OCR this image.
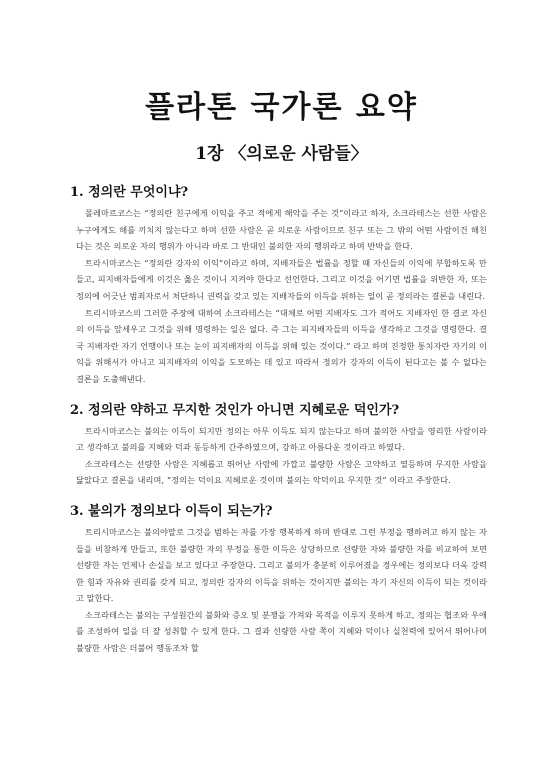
플라톤 국가론 요약
1장 〈의로운 사람들〉
1. 정의란 무엇이냐?

폴레마르코스는 “정의란 친구에게 이익을 주고 적에게 해악을 주는 것”이라고 하자, 소크라테스는 선한 사람은 누구에게도 해를 끼치지 않는다고 하며 선한 사람은 곧 의로운 사람이므로 친구 또는 그 밖의 어떤 사람이건 해친다는 것은 의로운 자의 행위가 아니라 바로 그 반대인 불의한 자의 행위라고 하며 반박을 한다.

트라시마코스는 “정의란 강자의 이익”이라고 하며, 지배자들은 법률을 정할 때 자신들의 이익에 부합하도록 만들고, 피지배자들에게 이것은 옳은 것이니 지켜야 한다고 선언한다. 그리고 이것을 어기면 법률을 위반한 자, 또는 정의에 어긋난 범죄자로서 처단하니 권력을 갖고 있는 지배자들의 이득을 위하는 일이 곧 정의라는 결론을 내린다.

트리시마코스의 그러한 주장에 대하여 소크라테스는 “대체로 어떤 지배자도 그가 적어도 지배자인 한 결코 자신의 이득을 앞세우고 그것을 위해 명령하는 일은 없다. 즉 그는 피지배자들의 이득을 생각하고 그것을 명령한다. 결국 지배자란 자기 언행이나 또는 눈이 피지배자의 이득을 위해 있는 것이다.” 라고 하며 진정한 통치자란 자기의 이익을 위해서가 아니고 피지배자의 이익을 도모하는 데 있고 따라서 정의가 강자의 이득이 된다고는 볼 수 없다는 결론을 도출해낸다.

2. 정의란 약하고 무지한 것인가 아니면 지혜로운 덕인가?

트라시마코스는 불의는 이득이 되지만 정의는 아무 이득도 되지 않는다고 하며 불의한 사람을 영리한 사람이라고 생각하고 불의를 지혜와 덕과 동등하게 간주하였으며, 강하고 아름다운 것이라고 하였다.

소크라테스는 선량한 사람은 지혜롭고 뛰어난 사람에 가깝고 불량한 사람은 고약하고 열등하며 무지한 사람을 닮았다고 결론을 내리며, “정의는 덕이요 지혜로운 것이며 불의는 악덕이요 무지한 것” 이라고 주장한다.

3. 불의가 정의보다 이득이 되는가?

트리시마코스는 불의야말로 그것을 범하는 자를 가장 행복하게 하며 반대로 그런 부정을 행하려고 하지 않는 자들을 비참하게 만들고, 또한 불량한 자의 부정을 통한 이득은 상당하므로 선량한 자와 불량한 자를 비교하여 보면 선량한 자는 언제나 손실을 보고 있다고 주장한다. 그리고 불의가 충분히 이루어졌을 경우에는 정의보다 더욱 강력한 힘과 자유와 권리를 갖게 되고, 정의란 강자의 이득을 위하는 것이지만 불의는 자기 자신의 이득이 되는 것이라고 말한다.

소크라테스는 불의는 구성원간의 불화와 증오 및 분쟁을 가져와 목적을 이루지 못하게 하고, 정의는 협조와 우애를 조성하여 일을 더 잘 성취할 수 있게 한다. 그 결과 선량한 사람 쪽이 지혜와 덕이나 실천력에 있어서 뛰어나며 불량한 사람은 더불어 행동조차 할
